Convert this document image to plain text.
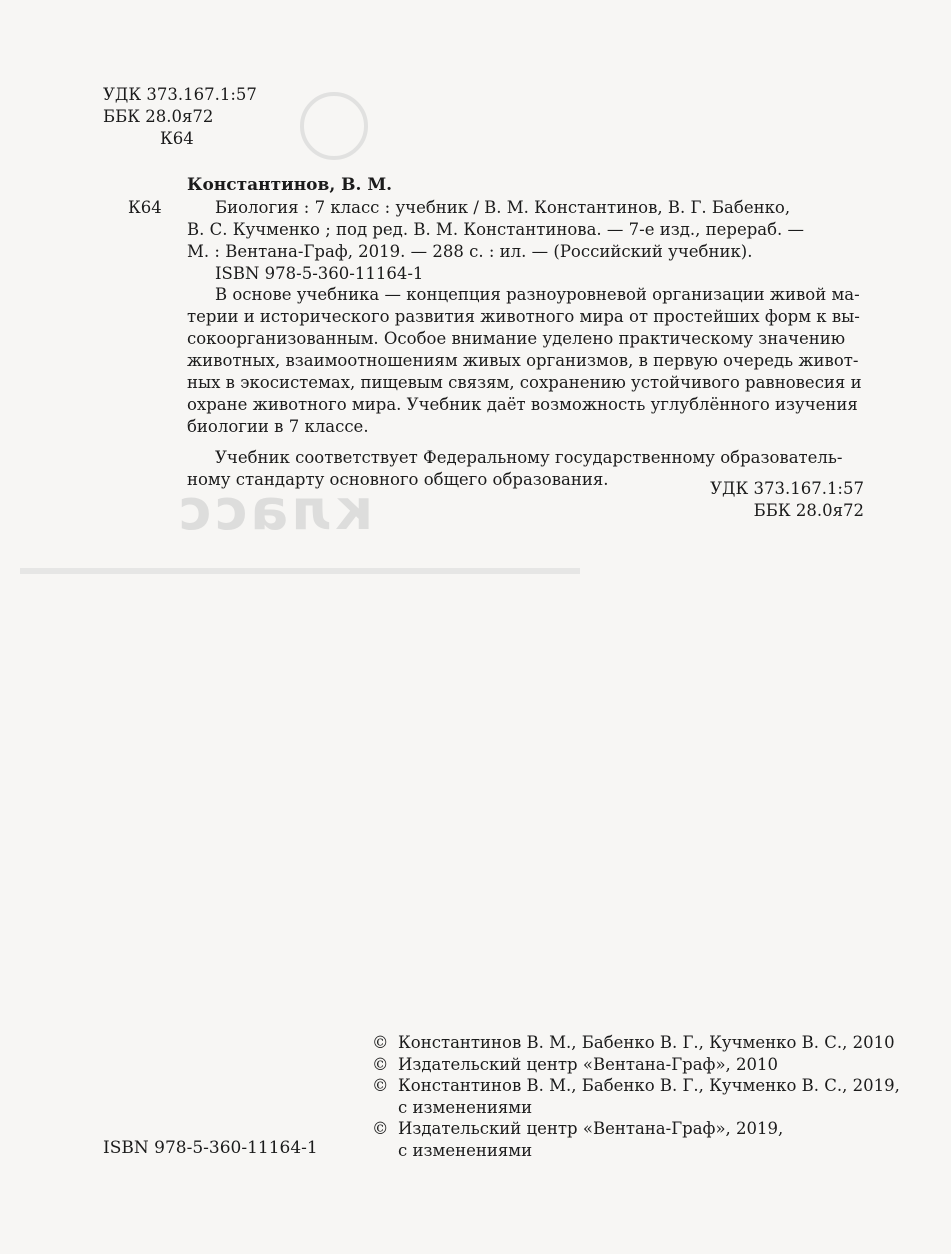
класс
УДК 373.167.1:57
ББК 28.0я72
К64
Константинов, В. М.
К64	Биология : 7 класс : учебник / В. М. Константинов, В. Г. Бабенко,
В. С. Кучменко ; под ред. В. М. Константинова. — 7-е изд., перераб. —
М. : Вентана-Граф, 2019. — 288 с. : ил. — (Российский учебник).
ISBN 978-5-360-11164-1
В основе учебника — концепция разноуровневой организации живой ма-
терии и исторического развития животного мира от простейших форм к вы-
сокоорганизованным. Особое внимание уделено практическому значению
животных, взаимоотношениям живых организмов, в первую очередь живот-
ных в экосистемах, пищевым связям, сохранению устойчивого равновесия и
охране животного мира. Учебник даёт возможность углублённого изучения
биологии в 7 классе.
Учебник соответствует Федеральному государственному образователь-
ному стандарту основного общего образования.	УДК 373.167.1:57
ББК 28.0я72
© Константинов В. М., Бабенко В. Г., Кучменко В. С., 2010
© Издательский центр «Вентана-Граф», 2010
© Константинов В. М., Бабенко В. Г., Кучменко В. С., 2019,
с изменениями
© Издательский центр «Вентана-Граф», 2019,
с изменениями
ISBN 978-5-360-11164-1
